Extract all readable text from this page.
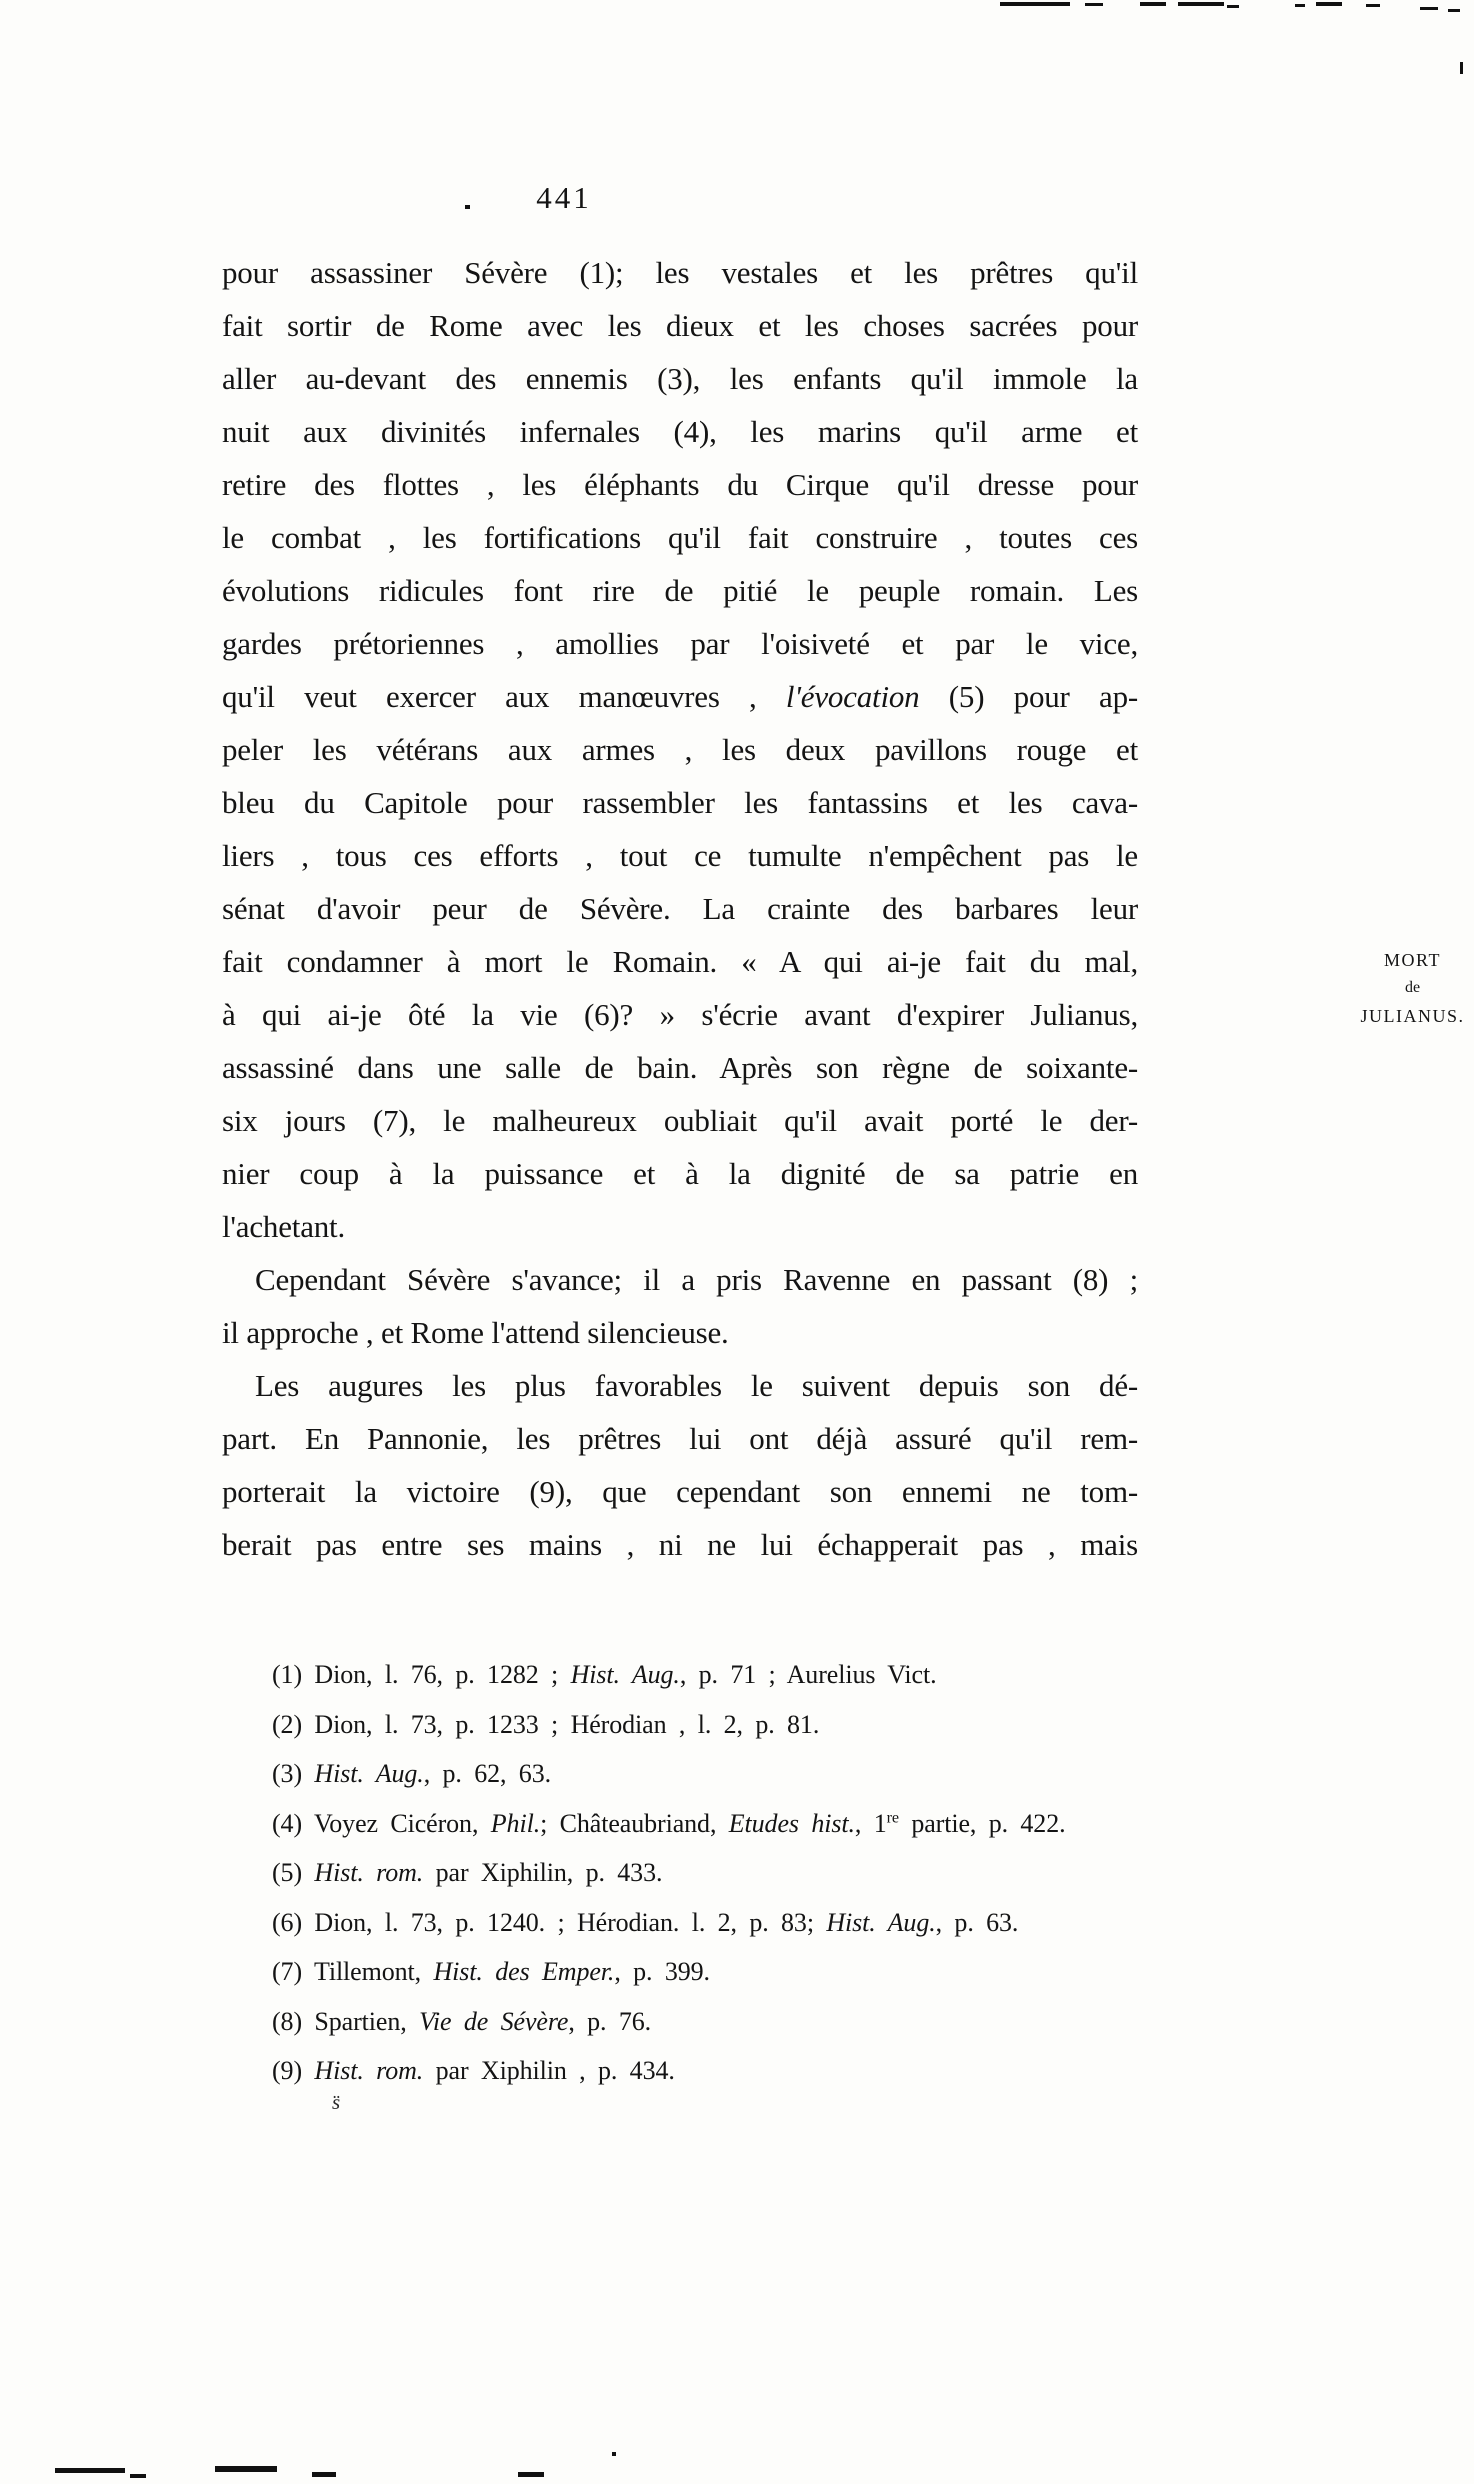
441
pour assassiner Sévère (1); les vestales et les prêtres qu'il
fait sortir de Rome avec les dieux et les choses sacrées pour
aller au-devant des ennemis (3), les enfants qu'il immole la
nuit aux divinités infernales (4), les marins qu'il arme et
retire des flottes , les éléphants du Cirque qu'il dresse pour
le combat , les fortifications qu'il fait construire , toutes ces
évolutions ridicules font rire de pitié le peuple romain. Les
gardes prétoriennes , amollies par l'oisiveté et par le vice,
qu'il veut exercer aux manœuvres , l'évocation (5) pour ap-
peler les vétérans aux armes , les deux pavillons rouge et
bleu du Capitole pour rassembler les fantassins et les cava-
liers , tous ces efforts , tout ce tumulte n'empêchent pas le
sénat d'avoir peur de Sévère. La crainte des barbares leur
fait condamner à mort le Romain. « A qui ai-je fait du mal,
à qui ai-je ôté la vie (6)? » s'écrie avant d'expirer Julianus,
assassiné dans une salle de bain. Après son règne de soixante-
six jours (7), le malheureux oubliait qu'il avait porté le der-
nier coup à la puissance et à la dignité de sa patrie en
l'achetant.
Cependant Sévère s'avance; il a pris Ravenne en passant (8) ;
il approche , et Rome l'attend silencieuse.
Les augures les plus favorables le suivent depuis son dé-
part. En Pannonie, les prêtres lui ont déjà assuré qu'il rem-
porterait la victoire (9), que cependant son ennemi ne tom-
berait pas entre ses mains , ni ne lui échapperait pas , mais
MORT
de
JULIANUS.
(1) Dion, l. 76, p. 1282 ; Hist. Aug., p. 71 ; Aurelius Vict.
(2) Dion, l. 73, p. 1233 ; Hérodian , l. 2, p. 81.
(3) Hist. Aug., p. 62, 63.
(4) Voyez Cicéron, Phil.; Châteaubriand, Etudes hist., 1re partie, p. 422.
(5) Hist. rom. par Xiphilin, p. 433.
(6) Dion, l. 73, p. 1240. ; Hérodian. l. 2, p. 83; Hist. Aug., p. 63.
(7) Tillemont, Hist. des Emper., p. 399.
(8) Spartien, Vie de Sévère, p. 76.
(9) Hist. rom. par Xiphilin , p. 434.
s̈
